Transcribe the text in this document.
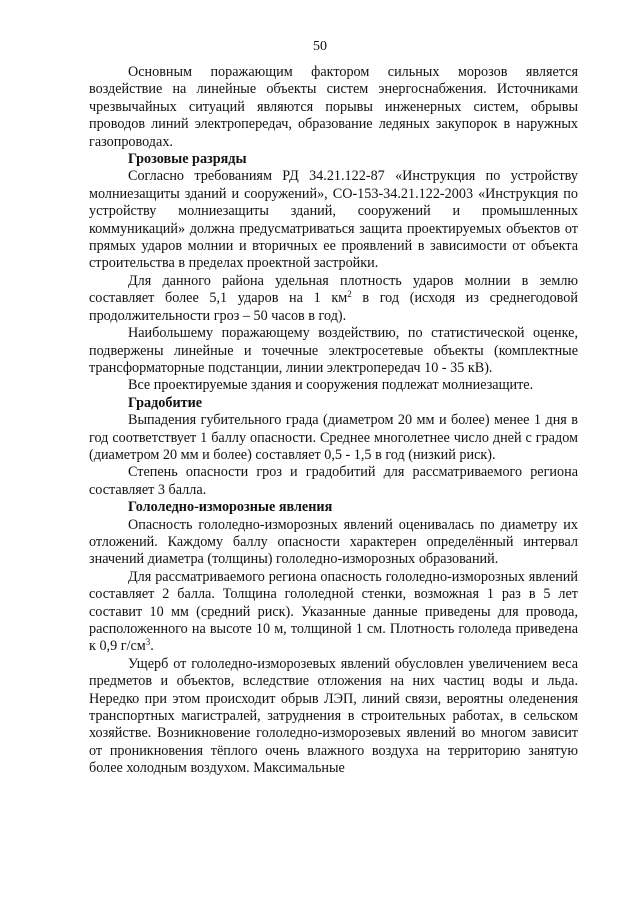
50

Основным поражающим фактором сильных морозов является воздействие на линейные объекты систем энергоснабжения. Источниками чрезвычайных ситуаций являются порывы инженерных систем, обрывы проводов линий электропередач, образование ледяных закупорок в наружных газопроводах.

Грозовые разряды

Согласно требованиям РД 34.21.122-87 «Инструкция по устройству молниезащиты зданий и сооружений», СО-153-34.21.122-2003 «Инструкция по устройству молниезащиты зданий, сооружений и промышленных коммуникаций» должна предусматриваться защита проектируемых объектов от прямых ударов молнии и вторичных ее проявлений в зависимости от объекта строительства в пределах проектной застройки.

Для данного района удельная плотность ударов молнии в землю составляет более 5,1 ударов на 1 $км^2$ в год (исходя из среднегодовой продолжительности гроз – 50 часов в год).

Наибольшему поражающему воздействию, по статистической оценке, подвержены линейные и точечные электросетевые объекты (комплектные трансформаторные подстанции, линии электропередач 10 - 35 кВ).

Все проектируемые здания и сооружения подлежат молниезащите.

Градобитие

Выпадения губительного града (диаметром 20 мм и более) менее 1 дня в год соответствует 1 баллу опасности. Среднее многолетнее число дней с градом (диаметром 20 мм и более) составляет 0,5 - 1,5 в год (низкий риск).

Степень опасности гроз и градобитий для рассматриваемого региона составляет 3 балла.

Гололедно-изморозные явления

Опасность гололедно-изморозных явлений оценивалась по диаметру их отложений. Каждому баллу опасности характерен определённый интервал значений диаметра (толщины) гололедно-изморозных образований.

Для рассматриваемого региона опасность гололедно-изморозных явлений составляет 2 балла. Толщина гололедной стенки, возможная 1 раз в 5 лет составит 10 мм (средний риск). Указанные данные приведены для провода, расположенного на высоте 10 м, толщиной 1 см. Плотность гололеда приведена к 0,9 $г/см^3$.

Ущерб от гололедно-изморозевых явлений обусловлен увеличением веса предметов и объектов, вследствие отложения на них частиц воды и льда. Нередко при этом происходит обрыв ЛЭП, линий связи, вероятны оледенения транспортных магистралей, затруднения в строительных работах, в сельском хозяйстве. Возникновение гололедно-изморозевых явлений во многом зависит от проникновения тёплого очень влажного воздуха на территорию занятую более холодным воздухом. Максимальные
